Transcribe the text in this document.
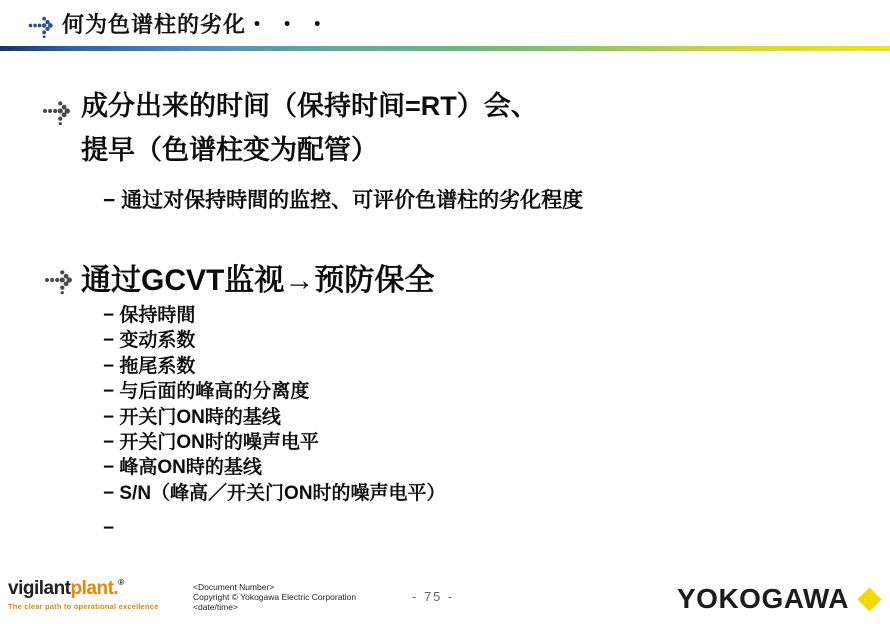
何为色谱柱的劣化・ ・ ・
成分出来的时间（保持时间=RT）会、
提早（色谱柱变为配管）
− 通过对保持時間的监控、可评价色谱柱的劣化程度
通过GCVT监视→预防保全
− 保持時間
− 变动系数
− 拖尾系数
− 与后面的峰高的分离度
− 开关门ON時的基线
− 开关门ON时的噪声电平
− 峰高ON時的基线
− S/N（峰高／开关门ON时的噪声电平）
−
vigilantplant.®
The clear path to operational excellence
<Document Number>
Copyright © Yokogawa Electric Corporation
<date/time>
- 75 -	YOKOGAWA
